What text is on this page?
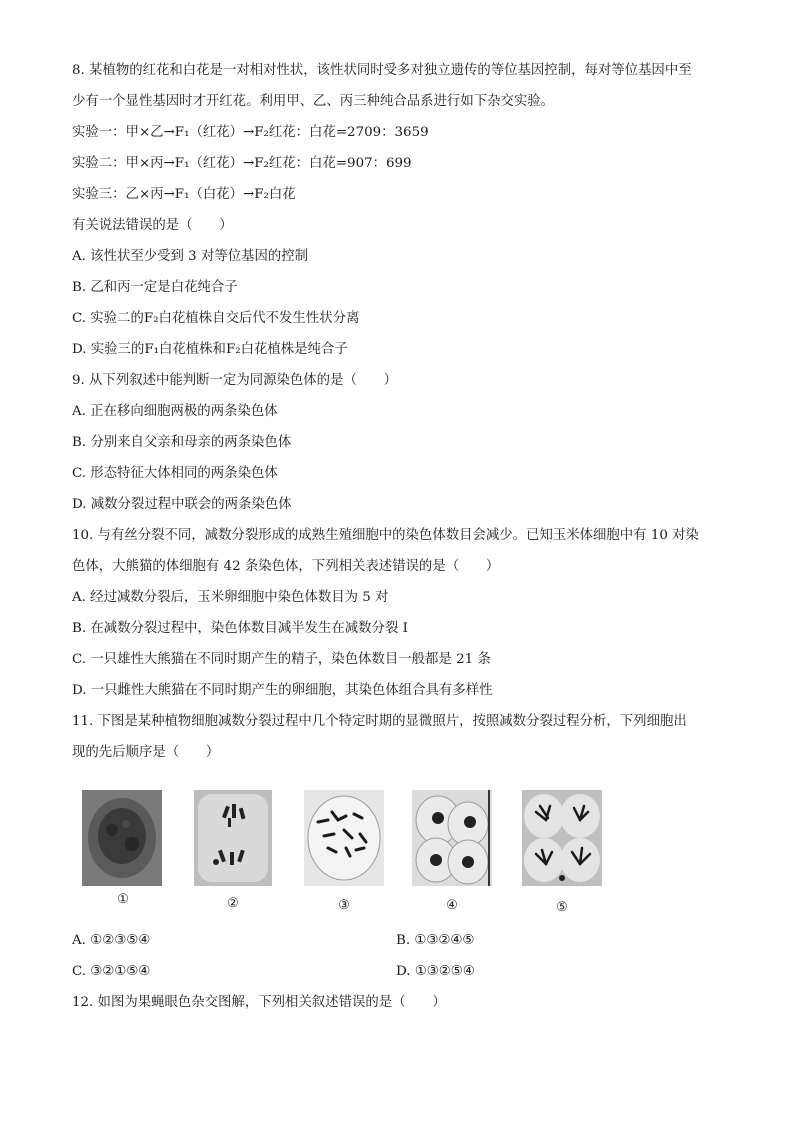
8. 某植物的红花和白花是一对相对性状，该性状同时受多对独立遗传的等位基因控制，每对等位基因中至
少有一个显性基因时才开红花。利用甲、乙、丙三种纯合品系进行如下杂交实验。
实验一：甲×乙→F₁（红花）→F₂红花：白花=2709：3659
实验二：甲×丙→F₁（红花）→F₂红花：白花=907：699
实验三：乙×丙→F₁（白花）→F₂白花
有关说法错误的是（　　）
A. 该性状至少受到 3 对等位基因的控制
B. 乙和丙一定是白花纯合子
C. 实验二的F₂白花植株自交后代不发生性状分离
D. 实验三的F₁白花植株和F₂白花植株是纯合子
9. 从下列叙述中能判断一定为同源染色体的是（　　）
A. 正在移向细胞两极的两条染色体
B. 分别来自父亲和母亲的两条染色体
C. 形态特征大体相同的两条染色体
D. 减数分裂过程中联会的两条染色体
10. 与有丝分裂不同，减数分裂形成的成熟生殖细胞中的染色体数目会减少。已知玉米体细胞中有 10 对染
色体，大熊猫的体细胞有 42 条染色体，下列相关表述错误的是（　　）
A. 经过减数分裂后，玉米卵细胞中染色体数目为 5 对
B. 在减数分裂过程中，染色体数目减半发生在减数分裂 I
C. 一只雄性大熊猫在不同时期产生的精子，染色体数目一般都是 21 条
D. 一只雌性大熊猫在不同时期产生的卵细胞，其染色体组合具有多样性
11. 下图是某种植物细胞减数分裂过程中几个特定时期的显微照片，按照减数分裂过程分析，下列细胞出
现的先后顺序是（　　）
①	②	③	④	⑤
A. ①②③⑤④	B. ①③②④⑤
C. ③②①⑤④	D. ①③②⑤④
12. 如图为果蝇眼色杂交图解，下列相关叙述错误的是（　　）
